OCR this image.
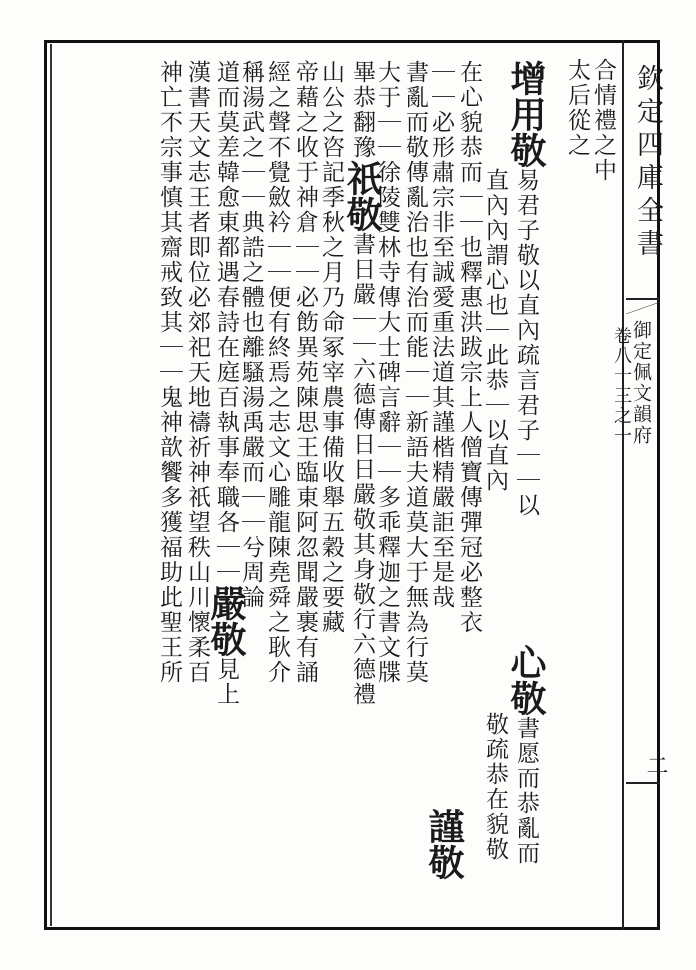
欽定四庫全書
御定佩文韻府
卷八十三之一
二
合情禮之中
太后從之
增用敬易君子敬以直內疏言君子｜｜以
直內內謂心也｜此恭｜以直內
在心貌恭而｜｜也釋惠洪跋宗上人僧寶傳彈冠必整衣
｜｜必形肅宗非至誠愛重法道其謹楷精嚴詎至是哉
書亂而敬傳亂治也有治而能｜｜新語夫道莫大于無為行莫
大于｜｜徐陵雙林寺傳大士碑言辭｜｜多乖釋迦之書文牒
畢恭翻豫祇敬書日嚴｜｜六德傳日日嚴敬其身敬行六德禮
山公之咨記季秋之月乃命冢宰農事備收舉五穀之要藏
帝藉之收于神倉｜｜必飭異苑陳思王臨東阿忽聞嚴裹有誦
經之聲不覺斂衿｜｜便有終焉之志文心雕龍陳堯舜之耿介
稱湯武之｜｜典誥之體也離騷湯禹嚴而｜｜兮周論
道而莫差韓愈東都遇春詩在庭百執事奉職各｜｜嚴敬見上
漢書天文志王者即位必郊祀天地禱祈神祇望秩山川懷柔百
神亡不宗事慎其齋戒致其｜｜鬼神歆饗多獲福助此聖王所	心敬書愿而恭亂而
敬疏恭在貌敬
謹敬
